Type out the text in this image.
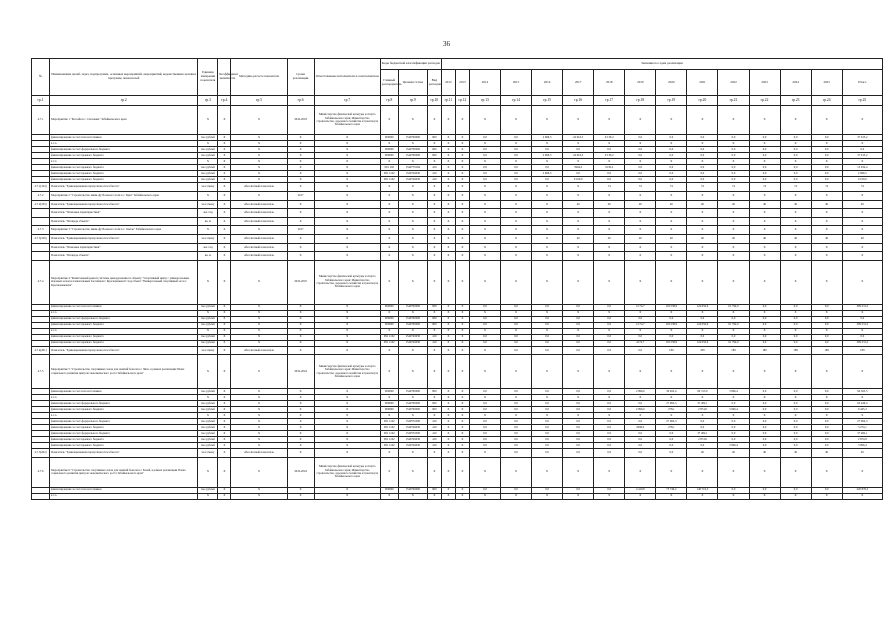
36
№	Наименование целей, задач, подпрограмм, основных мероприятий, мероприятий, ведомственных целевых программ, показателей	Единица измерения показателя	Коэффициент значимости	Методика расчета показателя	Сроки реализации	Ответственные исполнители и соисполнители	Коды бюджетной классификации расходов			Значения по годам реализации														
							Главный распорядитель	Целевая статья	Вид расходов	2012	2013	2014	2015	2016	2017	2018	2019	2020	2021	2022	2023	2024	2025	Итого
гр.1	гр.2	гр.3	гр.4	гр.5	гр.6	гр.7	гр.8	гр.9	гр.10	гр.11	гр.12	гр.13	гр.14	гр.15	гр.16	гр.17	гр.18	гр.19	гр.20	гр.21	гр.22	гр.23	гр.24	гр.25
4.7.1	Мероприятие 1 "Бассейн в с. Смоленка" Забайкальского края	X	X	X	2016-2018	Министерство физической культуры и спорта Забайкальского края; Министерство строительства, дорожного хозяйства и транспорта Забайкальского края	X	X	X	X	X	X	X	X	X	X	X	X	X	X	X	X	X	X
	финансирование за счет всех источников	тыс.рублей	X	X	X	X	000000	1540700000	000	X	X	0,0	0,0	2 966,5	24 916,5	9 130,2	0,0	0,0	0,0	0,0	0,0	0,0	0,0	37 013,2
	в т.ч.	X	X	X	X	X	X	X	X	X	X	X	X	X	X	X	X	X	X	X	X	X	X	X
	финансирование за счет федерального бюджета	тыс.рублей	X	X	X	X	000000	1540700000	000	X	X	0,0	0,0	0,0	0,0	0,0	0,0	0,0	0,0	0,0	0,0	0,0	0,0	0,0
	финансирование за счет краевого бюджета	тыс.рублей	X	X	X	X	000000	1540700000	000	X	X	0,0	0,0	2 966,5	24 916,5	9 130,2	0,0	0,0	0,0	0,0	0,0	0,0	0,0	37 013,2
	в т.ч.	X	X	X	X	X	X	X	X	X	X	X	X	X	X	X	X	X	X	X	X	X	X	X
	финансирование за счет краевого бюджета	тыс.рублей	X	X	X	X	091 102	1540779184	410	X	X	0,0	0,0	0,0	5904,2	9130,2	0,0	0,0	0,0	0,0	0,0	0,0	0,0	15 034,4
	финансирование за счет краевого бюджета	тыс.рублей	X	X	X	X	091 1102	1540749030	410	X	X	0,0	0,0	2 966,5	0,0	0,0	0,0	0,0	0,0	0,0	0,0	0,0	0,0	2 966,5
	финансирование за счет краевого бюджета	тыс.рублей	X	X	X	X	091 1102	1540749030	410	X	X	0,0	0,0	0,0	9 100,0	0,0	0,0	0,0	0,0	0,0	0,0	0,0	0,0	9 100,0
4.7.1(164)	Показатель "Единовременная пропускная способность"	чел./смену	X	Абсолютный показатель	X	X	X	X	X	X	X	X	X	X	X	74	74	74	74	74	74	74	74	74
4.7.2	Мероприятие 2 "Строительство мини-футбольного поля в с. Кука" Забайкальского края	X	X	X	2017	X	X	X	X	X	X	X	X	X	X	X	X	X	X	X	X	X	X	X
4.7.2(165)	Показатель "Единовременная пропускная способность"	чел./смену	X	Абсолютный показатель	X	X	X	X	X	X	X	X	X	X	40	40	40	40	40	40	40	40	40	40
	Показатель "Плановые характеристики"	чел./год	X	Абсолютный показатель	X	X	X	X	X	X	X	X	X	X	X	X	X	X	X	X	X	X	X	X
	Показатель "Площадь объекта"	кв. м	X	Абсолютный показатель	X	X	X	X	X	X	X	X	X	X	X	X	X	X	X	X	X	X	X	X
4.7.3	Мероприятие 3 "Строительство мини-футбольного поля в с. Хилок" Забайкальского края	X	X	X	2017	X	X	X	X	X	X	X	X	X	X	X	X	X	X	X	X	X	X	X
4.7.3(166)	Показатель "Единовременная пропускная способность"	чел./смену	X	Абсолютный показатель	X	X	X	X	X	X	X	X	X	X	40	40	40	40	40	40	40	40	40	40
	Показатель "Плановые характеристики"	чел./год	X	Абсолютный показатель	X	X	X	X	X	X	X	X	X	X	X	X	X	X	X	X	X	X	X	X
	Показатель "Площадь объекта"	кв. м	X	Абсолютный показатель	X	X	X	X	X	X	X	X	X	X	X	X	X	X	X	X	X	X	X	X
4.7.4	Мероприятие 4 "Капитальный ремонт системы дымоудаления по объекту "Спортивный центр с универсальным игровым залом и плавательным бассейном г. Краснокаменск" под объект "Универсальный спортивный зал в г. Краснокаменске"	X	X	X	2019-2025	Министерство физической культуры и спорта Забайкальского края; Министерство строительства, дорожного хозяйства и транспорта Забайкальского края	X	X	X	X	X	X	X	X	X	X	X	X	X	X	X	X	X	X
	финансирование за счет всех источников	тыс.рублей	X	X	X	X	000000	1540700000	000	X	X	0,0	0,0	0,0	0,0	0,0	4 174,7	118 238,9	124 656,6	61 794,0	0,0	0,0	0,0	309 231,2
	в т.ч.	X	X	X	X	X	X	X	X	X	X	X	X	X	X	X	X	X	X	X	X	X	X	X
	финансирование за счет федерального бюджета	тыс.рублей	X	X	X	X	000000	1540700000	000	X	X	0,0	0,0	0,0	0,0	0,0	0,0	0,0	0,0	0,0	0,0	0,0	0,0	0,0
	финансирование за счет краевого бюджета	тыс.рублей	X	X	X	X	000000	1540700000	000	X	X	0,0	0,0	0,0	0,0	0,0	4 174,7	118 238,9	124 656,6	61 794,0	0,0	0,0	0,0	309 231,2
	в т.ч.	X	X	X	X	X	X	X	X	X	X	X	X	X	X	X	X	X	X	X	X	X	X	X
	финансирование за счет краевого бюджета	тыс.рублей	X	X	X	X	091 1102	1540749030	410	X	X	0,0	0,0	0,0	0,0	0,0	0,0	0,0	0,0	0,0	0,0	0,0	0,0	0,0
	финансирование за счет краевого бюджета	тыс.рублей	X	X	X	X	091 1102	1540749030	410	X	X	0,0	0,0	0,0	0,0	0,0	4174,7	118 238,9	124 656,6	61 794,0	0,0	0,0	0,0	309 231,2
4.7.4(261)	Показатель "Единовременная пропускная способность"	чел./смену	X	Абсолютный показатель	X	X	X	X	X	X	X	X	0,0	0,0	0,0	0,0	0,0	189	189	189	189	189	189	189
4.7.5	Мероприятие 5 "Строительство спортивных залов для занятий боксом в г. Чите, в рамках реализации Плана социального развития центров экономического роста Забайкальского края"	X	X	X	2019-2024	Министерство физической культуры и спорта Забайкальского края; Министерство строительства, дорожного хозяйства и транспорта Забайкальского края	X	X	X	X	X	X	X	X	X	X	X	X	X	X	X	X	X	X
	финансирование за счет всех источников	тыс.рублей	X	X	X	X	000000	1540700000	000	X	X	0,0	0,0	0,0	0,0	0,0	2 996,0	30 262,4	69 315,9	3 996,4	0,0	0,0	0,0	94 565,5
	в т.ч.	X	X	X	X	X	X	X	X	X	X	X	X	X	X	X	X	X	X	X	X	X	X	X
	финансирование за счет федерального бюджета	тыс.рублей	X	X	X	X	000000	1540700000	000	X	X	0,0	0,0	0,0	0,0	0,0	0,0	27 964,3	37 482,1	0,0	0,0	0,0	0,0	65 446,4
	финансирование за счет краевого бюджета	тыс.рублей	X	X	X	X	000000	1540700000	000	X	X	0,0	0,0	0,0	0,0	0,0	2 996,0	278,1	2 874,8	3 996,4	0,0	0,0	0,0	9 445,3
	в т.ч.	X	X	X	X	X	X	X	X	X	X	X	X	X	X	X	X	X	X	X	X	X	X	X
	финансирование за счет федерального бюджета	тыс.рублей	X	X	X	X	091 1102	154P555300	410	X	X	0,0	0,0	0,0	0,0	0,0	0,0	27 964,3	0,0	0,0	0,0	0,0	0,0	27 964,3
	финансирование за счет краевого бюджета	тыс.рублей	X	X	X	X	091 1102	1540749030	410	X	X	0,0	0,0	0,0	0,0	0,0	2996,0	278,1	0,0	0,0	0,0	0,0	0,0	3 274,1
	финансирование за счет федерального бюджета	тыс.рублей	X	X	X	X	091 1102	154P555300	410	X	X	0,0	0,0	0,0	0,0	0,0	0,0	0,0	37 482,1	0,0	0,0	0,0	0,0	37 482,1
	финансирование за счет краевого бюджета	тыс.рублей	X	X	X	X	091 1102	1540749030	410	X	X	0,0	0,0	0,0	0,0	0,0	0,0	0,0	2 874,8	0,0	0,0	0,0	0,0	2 874,8
	финансирование за счет краевого бюджета	тыс.рублей	X	X	X	X	091 1102	1540749030	410	X	X	0,0	0,0	0,0	0,0	0,0	0,0	0,0	0,0	3 996,4	0,0	0,0	0,0	3 996,4
4.7.5(262)	Показатель "Единовременная пропускная способность"	чел./смену	X	Абсолютный показатель	X	X	X	X	X	X	X	X	0,0	0,0	0,0	0,0	0,0	0,0	40	40	40	40	40	40
4.7.6	Мероприятие 6 "Строительство спортивных залов для занятий боксом в г. Балей, в рамках реализации Плана социального развития центров экономического роста Забайкальского края"	X	X	X	2019-2024	Министерство физической культуры и спорта Забайкальского края; Министерство строительства, дорожного хозяйства и транспорта Забайкальского края	X	X	X	X	X	X	X	X	X	X	X	X	X	X	X	X	X	X
	финансирование за счет всех источников	тыс.рублей	X	X	X	X	000000	1540700000	000	X	X	0,0	0,0	0,0	0,0	0,0	4 410,8	75 746,2	140 719,3	0,0	0,0	0,0	0,0	220 876,3
	в т.ч.	X	X	X	X	X	X	X	X	X	X	X	X	X	X	X	X	X	X	X	X	X	X	X
